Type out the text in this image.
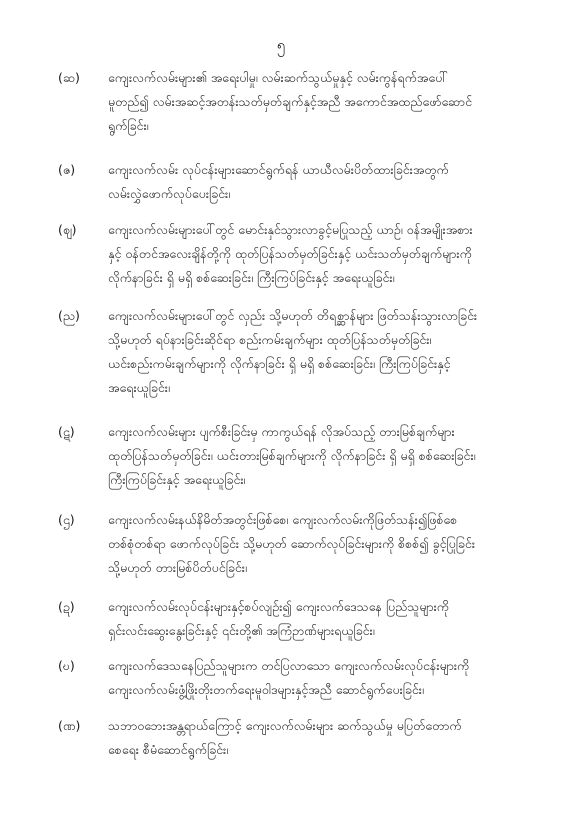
၅
(ဆ)	ကျေးလက်လမ်းများ၏ အရေးပါမှု၊ လမ်းဆက်သွယ်မှုနှင့် လမ်းကွန်ရက်အပေါ်
မူတည်၍ လမ်းအဆင့်အတန်းသတ်မှတ်ချက်နှင့်အညီ အကောင်အထည်ဖော်ဆောင်
ရွက်ခြင်း၊
(ဇ)	ကျေးလက်လမ်း လုပ်ငန်းများဆောင်ရွက်ရန် ယာယီလမ်းပိတ်ထားခြင်းအတွက်
လမ်းလွှဲဖောက်လုပ်ပေးခြင်း၊
(ဈ)	ကျေးလက်လမ်းများပေါ်တွင် မောင်းနှင်သွားလာခွင့်မပြုသည့် ယာဉ်၊ ဝန်အမျိုးအစား
နှင့် ဝန်တင်အလေးချိန်တို့ကို ထုတ်ပြန်သတ်မှတ်ခြင်းနှင့် ယင်းသတ်မှတ်ချက်များကို
လိုက်နာခြင်း ရှိ မရှိ စစ်ဆေးခြင်း၊ ကြီးကြပ်ခြင်းနှင့် အရေးယူခြင်း၊
(ည)	ကျေးလက်လမ်းများပေါ်တွင် လှည်း သို့မဟုတ် တိရစ္ဆာန်များ ဖြတ်သန်းသွားလာခြင်း
သို့မဟုတ် ရပ်နားခြင်းဆိုင်ရာ စည်းကမ်းချက်များ ထုတ်ပြန်သတ်မှတ်ခြင်း၊
ယင်းစည်းကမ်းချက်များကို လိုက်နာခြင်း ရှိ မရှိ စစ်ဆေးခြင်း၊ ကြီးကြပ်ခြင်းနှင့်
အရေးယူခြင်း၊
(ဋ)	ကျေးလက်လမ်းများ ပျက်စီးခြင်းမှ ကာကွယ်ရန် လိုအပ်သည့် တားမြစ်ချက်များ
ထုတ်ပြန်သတ်မှတ်ခြင်း၊ ယင်းတားမြစ်ချက်များကို လိုက်နာခြင်း ရှိ မရှိ စစ်ဆေးခြင်း၊
ကြီးကြပ်ခြင်းနှင့် အရေးယူခြင်း၊
(ဌ)	ကျေးလက်လမ်းနယ်နိမိတ်အတွင်းဖြစ်စေ၊ ကျေးလက်လမ်းကိုဖြတ်သန်း၍ဖြစ်စေ
တစ်စုံတစ်ရာ ဖောက်လုပ်ခြင်း သို့မဟုတ် ဆောက်လုပ်ခြင်းများကို စိစစ်၍ ခွင့်ပြုခြင်း
သို့မဟုတ် တားမြစ်ပိတ်ပင်ခြင်း၊
(ဍ)	ကျေးလက်လမ်းလုပ်ငန်းများနှင့်စပ်လျဉ်း၍ ကျေးလက်ဒေသနေ ပြည်သူများကို
ရှင်းလင်းဆွေးနွေးခြင်းနှင့် ၎င်းတို့၏ အကြံဉာဏ်များရယူခြင်း၊
(ဎ)	ကျေးလက်ဒေသနေပြည်သူများက တင်ပြလာသော ကျေးလက်လမ်းလုပ်ငန်းများကို
ကျေးလက်လမ်းဖွံ့ဖြိုးတိုးတက်ရေးမူဝါဒများနှင့်အညီ ဆောင်ရွက်ပေးခြင်း၊
(ဏ)	သဘာဝဘေးအန္တရာယ်ကြောင့် ကျေးလက်လမ်းများ ဆက်သွယ်မှု မပြတ်တောက်
စေရေး စီမံဆောင်ရွက်ခြင်း၊
